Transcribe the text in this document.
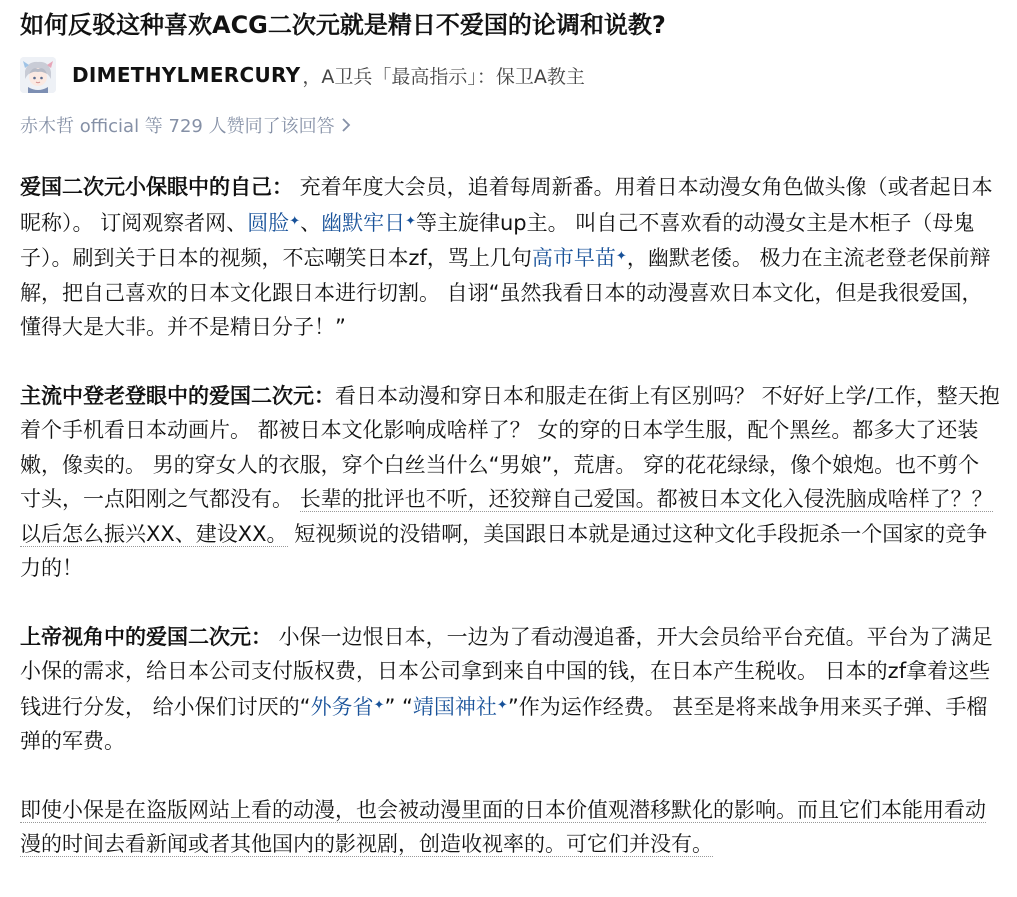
如何反驳这种喜欢ACG二次元就是精日不爱国的论调和说教?
DIMETHYLMERCURY ，A卫兵「最高指示」：保卫A教主
赤木哲 official 等 729 人赞同了该回答

爱国二次元小保眼中的自己： 充着年度大会员，追着每周新番。用着日本动漫女角色做头像（或者起日本昵称）。 订阅观察者网、圆脸✦、幽默牢日✦等主旋律up主。 叫自己不喜欢看的动漫女主是木柜子（母鬼子）。刷到关于日本的视频，不忘嘲笑日本zf，骂上几句高市早苗✦，幽默老倭。 极力在主流老登老保前辩解，把自己喜欢的日本文化跟日本进行切割。 自诩“虽然我看日本的动漫喜欢日本文化，但是我很爱国，懂得大是大非。并不是精日分子！”

主流中登老登眼中的爱国二次元：看日本动漫和穿日本和服走在街上有区别吗？ 不好好上学/工作，整天抱着个手机看日本动画片。 都被日本文化影响成啥样了？ 女的穿的日本学生服，配个黑丝。都多大了还装嫩，像卖的。 男的穿女人的衣服，穿个白丝当什么“男娘”，荒唐。 穿的花花绿绿，像个娘炮。也不剪个寸头，一点阳刚之气都没有。 长辈的批评也不听，还狡辩自己爱国。都被日本文化入侵洗脑成啥样了？？ 以后怎么振兴XX、建设XX。 短视频说的没错啊，美国跟日本就是通过这种文化手段扼杀一个国家的竞争力的！

上帝视角中的爱国二次元： 小保一边恨日本，一边为了看动漫追番，开大会员给平台充值。平台为了满足小保的需求，给日本公司支付版权费，日本公司拿到来自中国的钱，在日本产生税收。 日本的zf拿着这些钱进行分发， 给小保们讨厌的“外务省✦” “靖国神社✦”作为运作经费。 甚至是将来战争用来买子弹、手榴弹的军费。

即使小保是在盗版网站上看的动漫，也会被动漫里面的日本价值观潜移默化的影响。而且它们本能用看动漫的时间去看新闻或者其他国内的影视剧，创造收视率的。可它们并没有。
